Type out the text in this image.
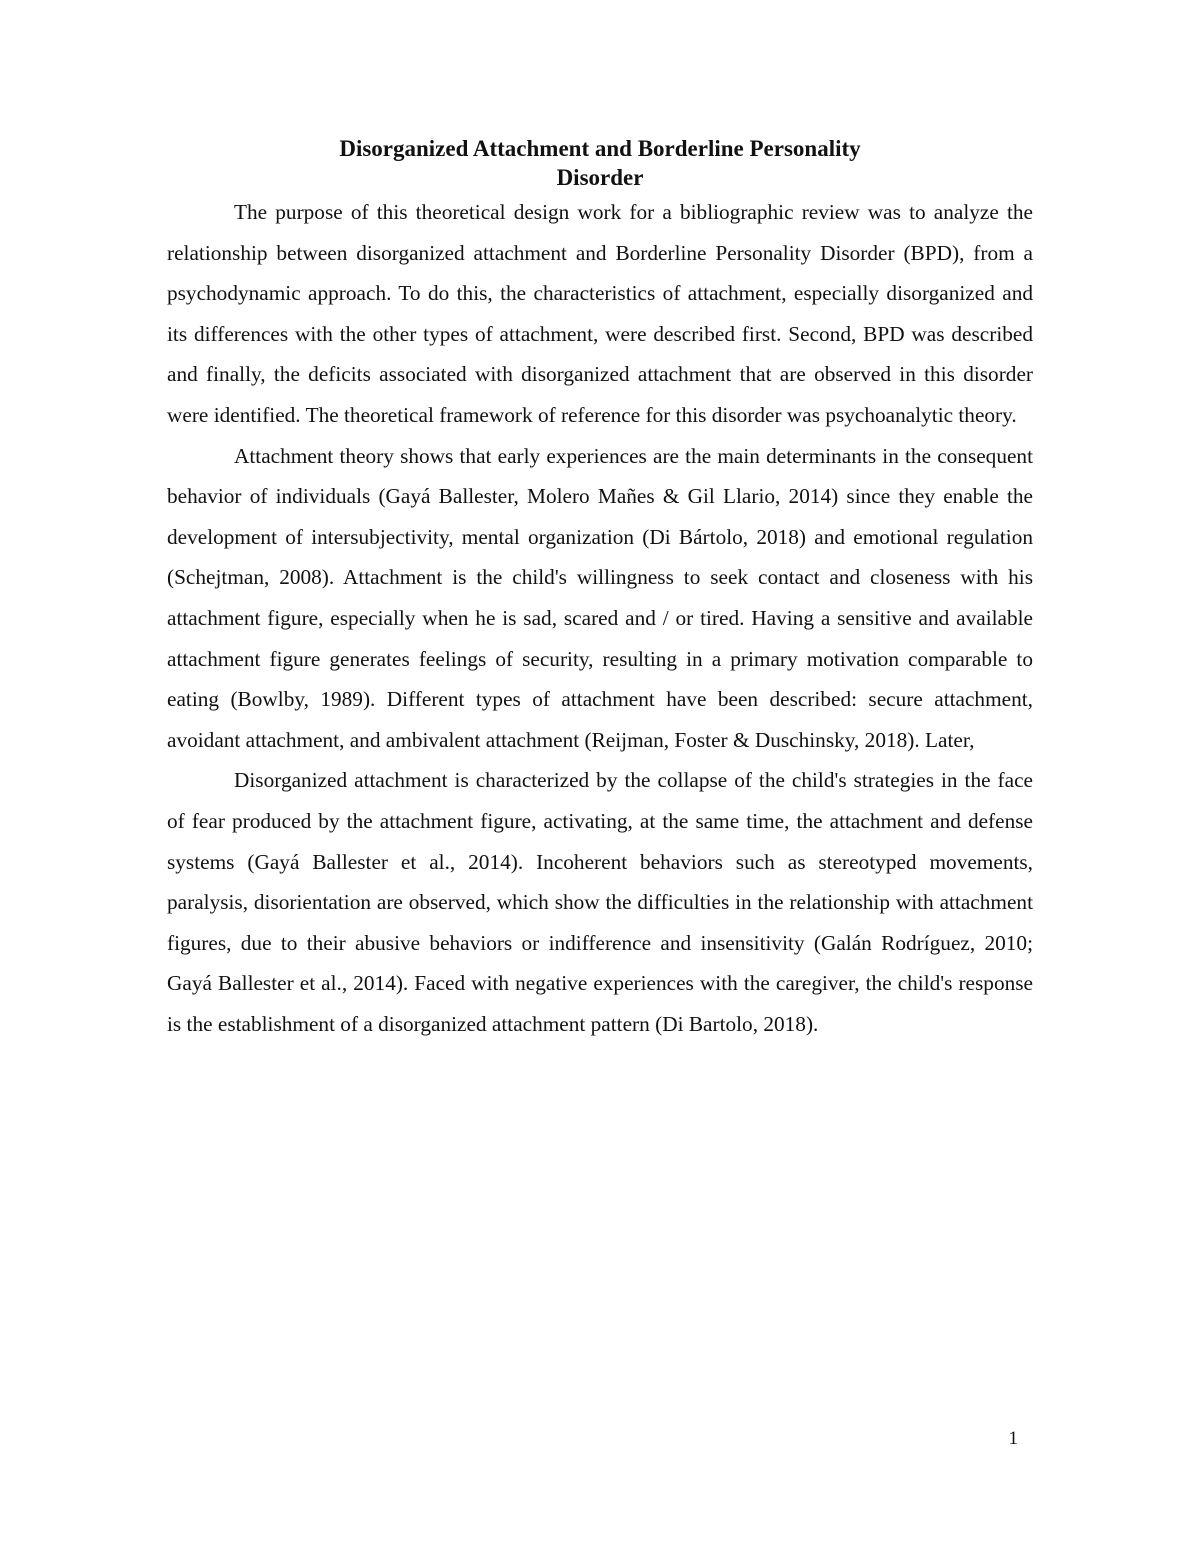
Disorganized Attachment and Borderline Personality
Disorder

The purpose of this theoretical design work for a bibliographic review was to analyze the relationship between disorganized attachment and Borderline Personality Disorder (BPD), from a psychodynamic approach. To do this, the characteristics of attachment, especially disorganized and its differences with the other types of attachment, were described first. Second, BPD was described and finally, the deficits associated with disorganized attachment that are observed in this disorder were identified. The theoretical framework of reference for this disorder was psychoanalytic theory.

Attachment theory shows that early experiences are the main determinants in the consequent behavior of individuals (Gayá Ballester, Molero Mañes & Gil Llario, 2014) since they enable the development of intersubjectivity, mental organization (Di Bártolo, 2018) and emotional regulation (Schejtman, 2008). Attachment is the child's willingness to seek contact and closeness with his attachment figure, especially when he is sad, scared and / or tired. Having a sensitive and available attachment figure generates feelings of security, resulting in a primary motivation comparable to eating (Bowlby, 1989). Different types of attachment have been described: secure attachment, avoidant attachment, and ambivalent attachment (Reijman, Foster & Duschinsky, 2018). Later,

Disorganized attachment is characterized by the collapse of the child's strategies in the face of fear produced by the attachment figure, activating, at the same time, the attachment and defense systems (Gayá Ballester et al., 2014). Incoherent behaviors such as stereotyped movements, paralysis, disorientation are observed, which show the difficulties in the relationship with attachment figures, due to their abusive behaviors or indifference and insensitivity (Galán Rodríguez, 2010; Gayá Ballester et al., 2014). Faced with negative experiences with the caregiver, the child's response is the establishment of a disorganized attachment pattern (Di Bartolo, 2018).

1
